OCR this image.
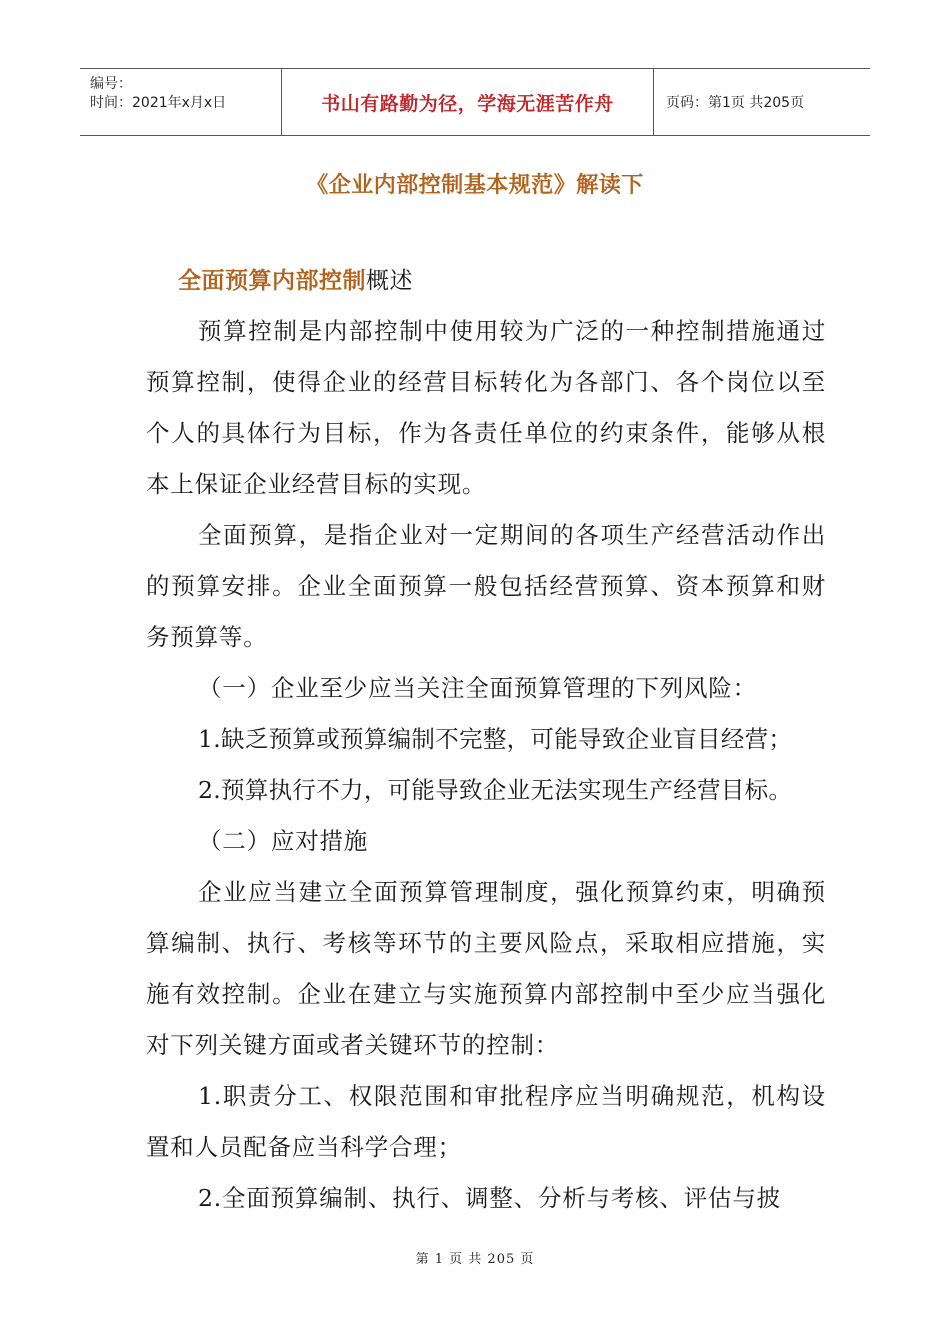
编号：
时间：2021年x月x日	书山有路勤为径，学海无涯苦作舟	页码：第1页 共205页
《企业内部控制基本规范》解读下
全面预算内部控制概述

预算控制是内部控制中使用较为广泛的一种控制措施通过预算控制，使得企业的经营目标转化为各部门、各个岗位以至个人的具体行为目标，作为各责任单位的约束条件，能够从根本上保证企业经营目标的实现。

全面预算，是指企业对一定期间的各项生产经营活动作出的预算安排。企业全面预算一般包括经营预算、资本预算和财务预算等。

（一）企业至少应当关注全面预算管理的下列风险：

1.缺乏预算或预算编制不完整，可能导致企业盲目经营；

2.预算执行不力，可能导致企业无法实现生产经营目标。

（二）应对措施

企业应当建立全面预算管理制度，强化预算约束，明确预算编制、执行、考核等环节的主要风险点，采取相应措施，实施有效控制。企业在建立与实施预算内部控制中至少应当强化对下列关键方面或者关键环节的控制：

1.职责分工、权限范围和审批程序应当明确规范，机构设置和人员配备应当科学合理；

2.全面预算编制、执行、调整、分析与考核、评估与披

第 1 页 共 205 页
